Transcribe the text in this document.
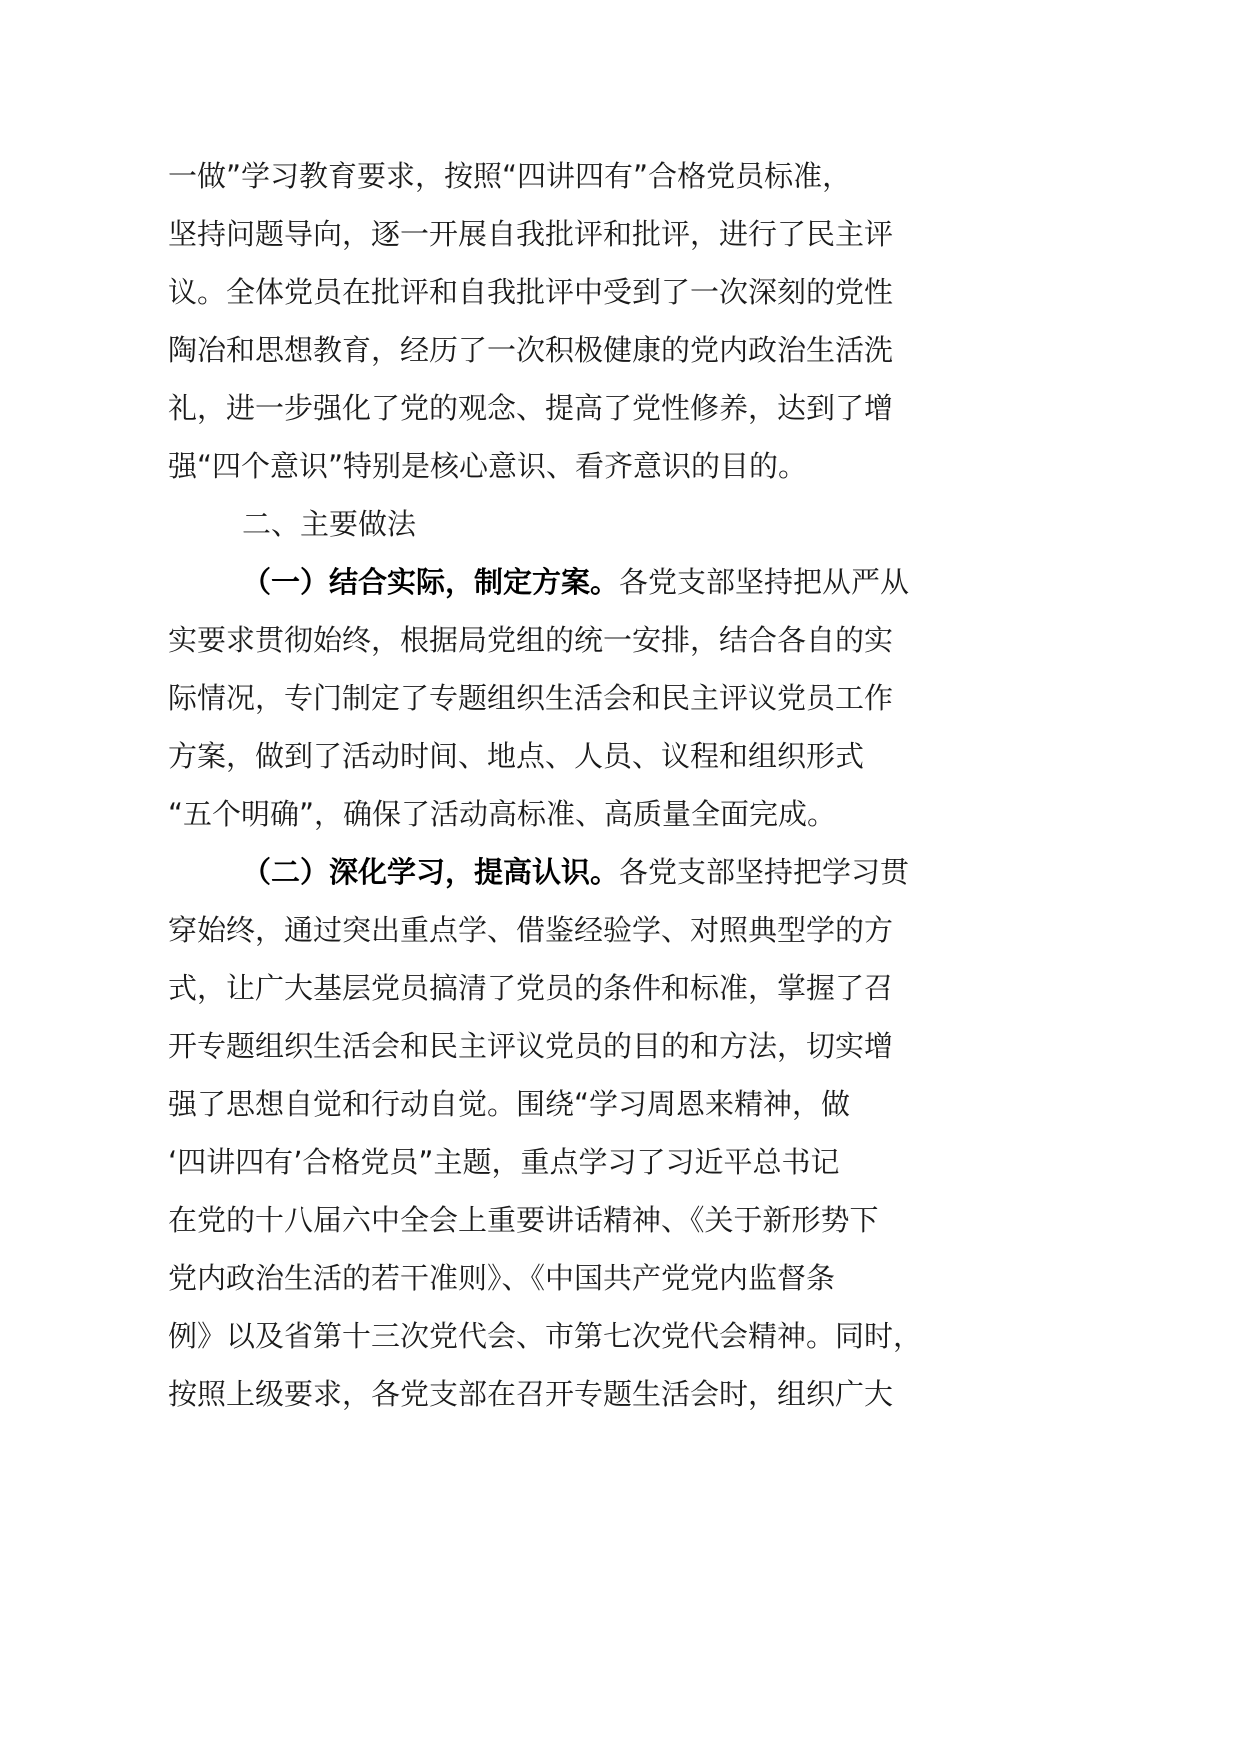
一做”学习教育要求，按照“四讲四有”合格党员标准，
坚持问题导向，逐一开展自我批评和批评，进行了民主评
议。全体党员在批评和自我批评中受到了一次深刻的党性
陶冶和思想教育，经历了一次积极健康的党内政治生活洗
礼，进一步强化了党的观念、提高了党性修养，达到了增
强“四个意识”特别是核心意识、看齐意识的目的。
二、主要做法
（一）结合实际，制定方案。各党支部坚持把从严从
实要求贯彻始终，根据局党组的统一安排，结合各自的实
际情况，专门制定了专题组织生活会和民主评议党员工作
方案，做到了活动时间、地点、人员、议程和组织形式
“五个明确”，确保了活动高标准、高质量全面完成。
（二）深化学习，提高认识。各党支部坚持把学习贯
穿始终，通过突出重点学、借鉴经验学、对照典型学的方
式，让广大基层党员搞清了党员的条件和标准，掌握了召
开专题组织生活会和民主评议党员的目的和方法，切实增
强了思想自觉和行动自觉。围绕“学习周恩来精神，做
‘四讲四有’合格党员”主题，重点学习了习近平总书记
在党的十八届六中全会上重要讲话精神、《关于新形势下
党内政治生活的若干准则》、《中国共产党党内监督条
例》以及省第十三次党代会、市第七次党代会精神。同时，
按照上级要求，各党支部在召开专题生活会时，组织广大
